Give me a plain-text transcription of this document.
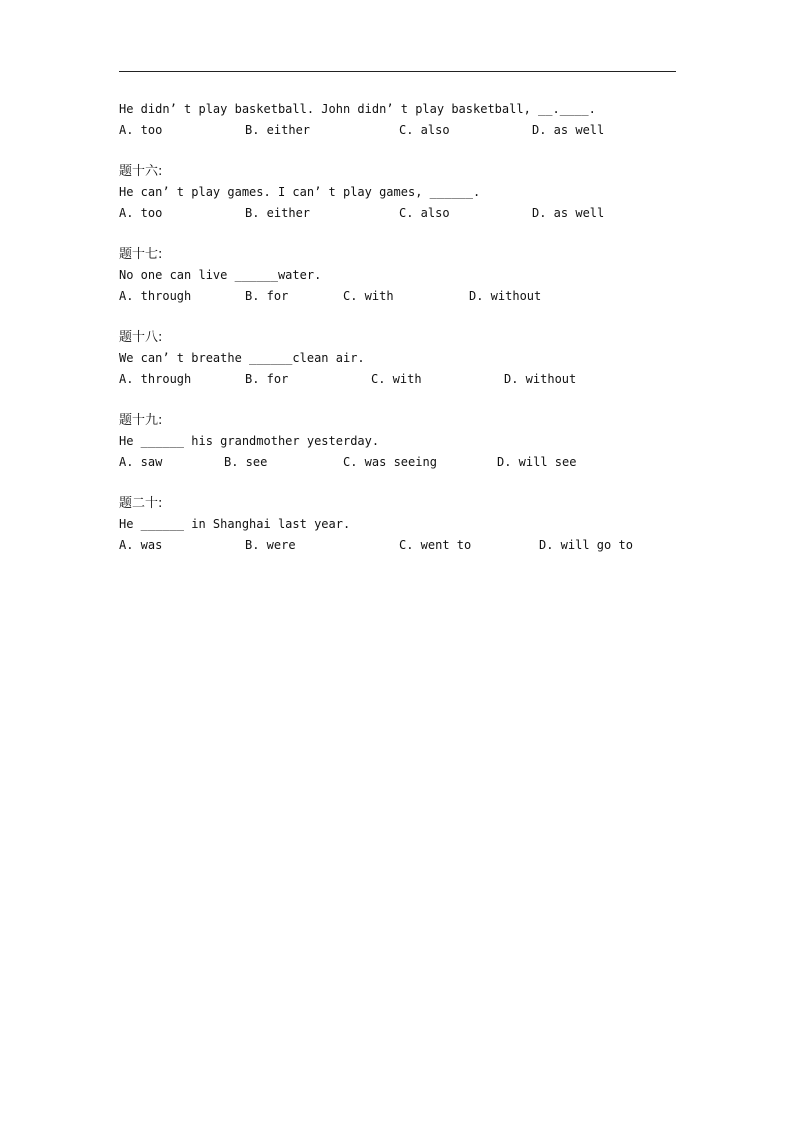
He didn’ t play basketball. John didn’ t play basketball, __.____.

A. too

	B. either

	C. also

	D. as well

题十六:
He can’ t play games. I can’ t play games, ______.

A. too

	B. either

	C. also

	D. as well

题十七:
No one can live ______water.

A. through

	B. for

	C. with

	D. without

题十八:
We can’ t breathe ______clean air.

A. through

	B. for

	C. with

	D. without

题十九:
He ______ his grandmother yesterday.

A. saw

	B. see

	C. was seeing

	D. will see

题二十:
He ______ in Shanghai last year.

A. was

	B. were

	C. went to

	D. will go to
